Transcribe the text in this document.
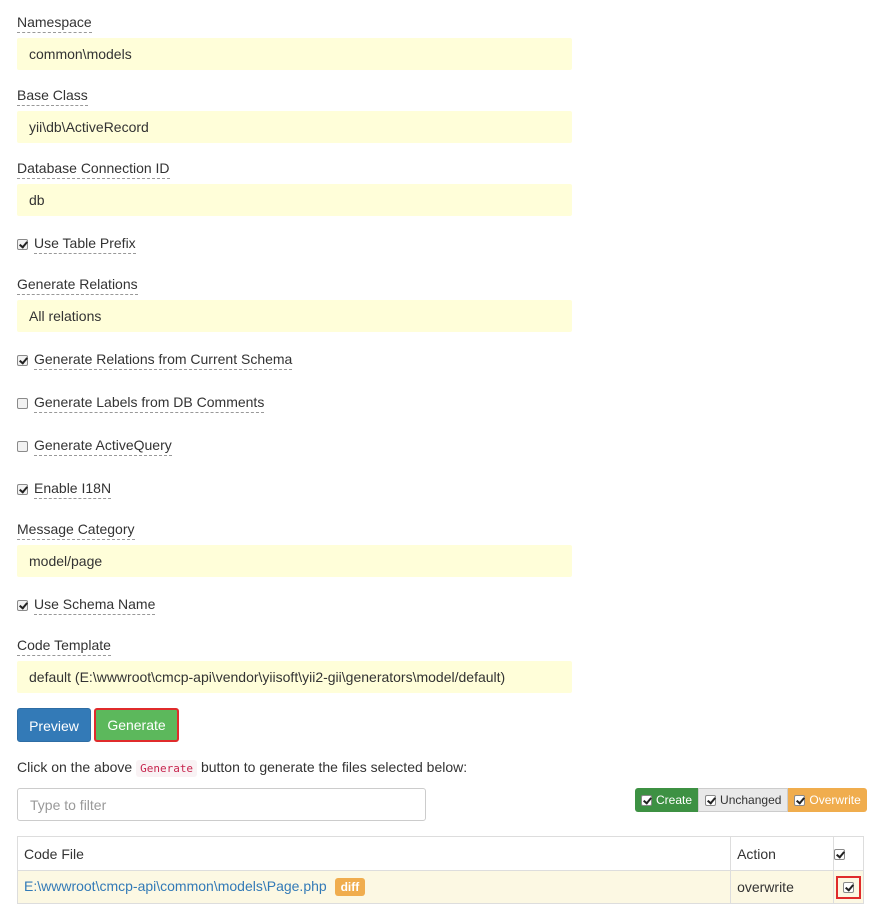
Namespace
common\models
Base Class
yii\db\ActiveRecord
Database Connection ID
db
Use Table Prefix
Generate Relations
All relations
Generate Relations from Current Schema
Generate Labels from DB Comments
Generate ActiveQuery
Enable I18N
Message Category
model/page
Use Schema Name
Code Template
default (E:\wwwroot\cmcp-api\vendor\yiisoft\yii2-gii\generators\model/default)
Preview	Generate
Click on the above Generate button to generate the files selected below:
Type to filter
Create Unchanged Overwrite
Code File	Action	
E:\wwwroot\cmcp-api\common\models\Page.php diff	overwrite	
